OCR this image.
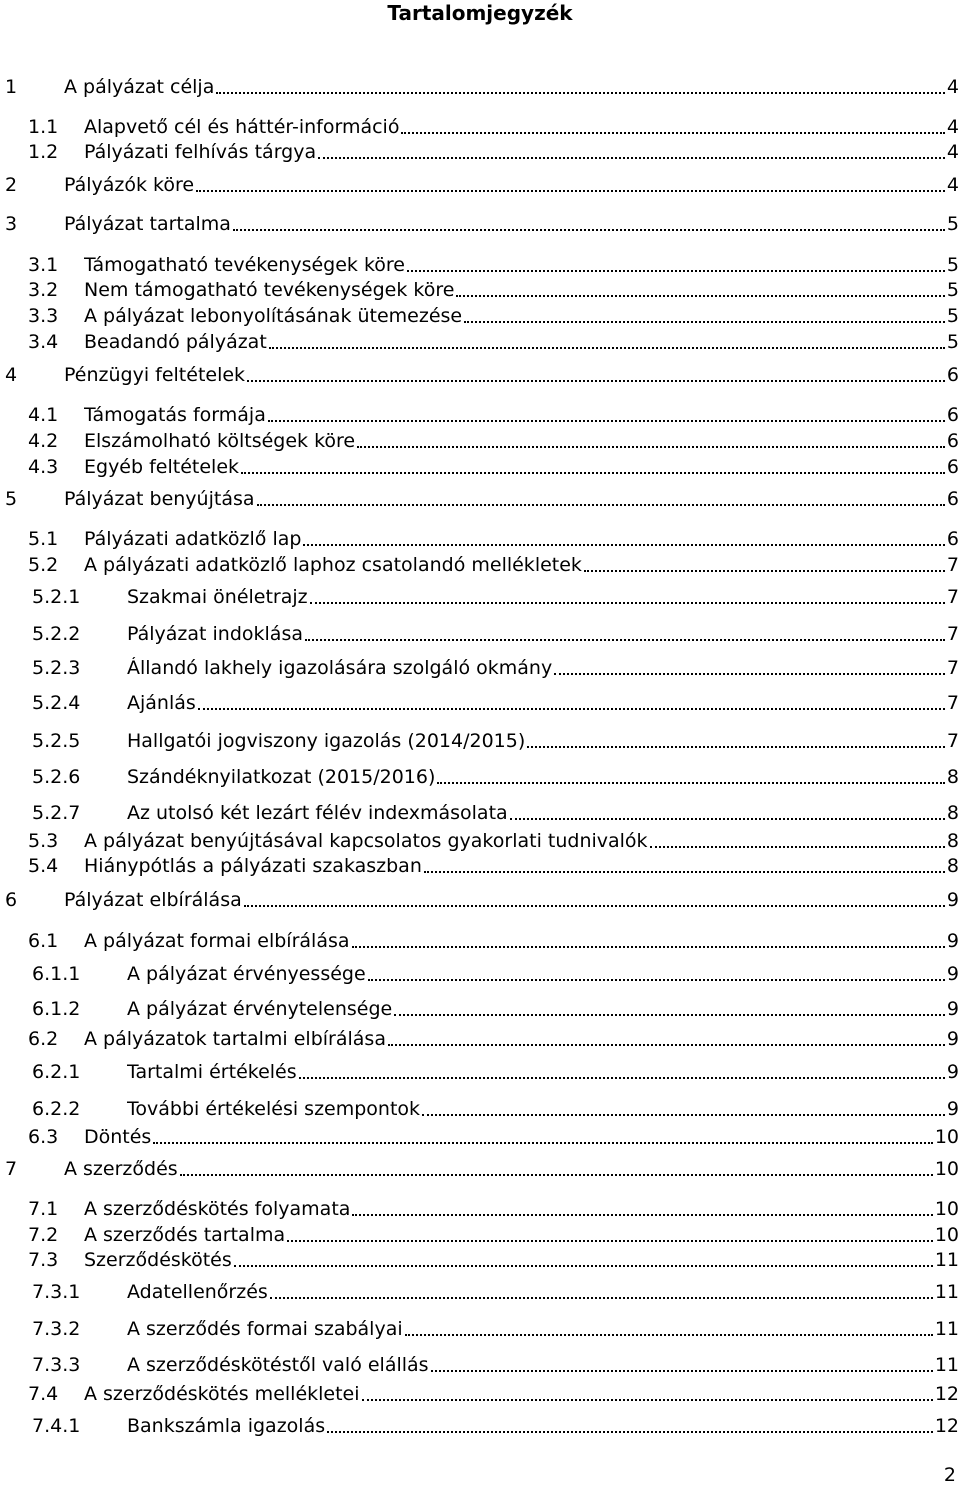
Tartalomjegyzék
1	A pályázat célja	4
1.1	Alapvető cél és háttér-információ	4
1.2	Pályázati felhívás tárgya	4
2	Pályázók köre	4
3	Pályázat tartalma	5
3.1	Támogatható tevékenységek köre	5
3.2	Nem támogatható tevékenységek köre	5
3.3	A pályázat lebonyolításának ütemezése	5
3.4	Beadandó pályázat	5
4	Pénzügyi feltételek	6
4.1	Támogatás formája	6
4.2	Elszámolható költségek köre	6
4.3	Egyéb feltételek	6
5	Pályázat benyújtása	6
5.1	Pályázati adatközlő lap	6
5.2	A pályázati adatközlő laphoz csatolandó mellékletek	7
5.2.1	Szakmai önéletrajz	7
5.2.2	Pályázat indoklása	7
5.2.3	Állandó lakhely igazolására szolgáló okmány	7
5.2.4	Ajánlás	7
5.2.5	Hallgatói jogviszony igazolás (2014/2015)	7
5.2.6	Szándéknyilatkozat (2015/2016)	8
5.2.7	Az utolsó két lezárt félév indexmásolata	8
5.3	A pályázat benyújtásával kapcsolatos gyakorlati tudnivalók	8
5.4	Hiánypótlás a pályázati szakaszban	8
6	Pályázat elbírálása	9
6.1	A pályázat formai elbírálása	9
6.1.1	A pályázat érvényessége	9
6.1.2	A pályázat érvénytelensége	9
6.2	A pályázatok tartalmi elbírálása	9
6.2.1	Tartalmi értékelés	9
6.2.2	További értékelési szempontok	9
6.3	Döntés	10
7	A szerződés	10
7.1	A szerződéskötés folyamata	10
7.2	A szerződés tartalma	10
7.3	Szerződéskötés	11
7.3.1	Adatellenőrzés	11
7.3.2	A szerződés formai szabályai	11
7.3.3	A szerződéskötéstől való elállás	11
7.4	A szerződéskötés mellékletei	12
7.4.1	Bankszámla igazolás	12
2
